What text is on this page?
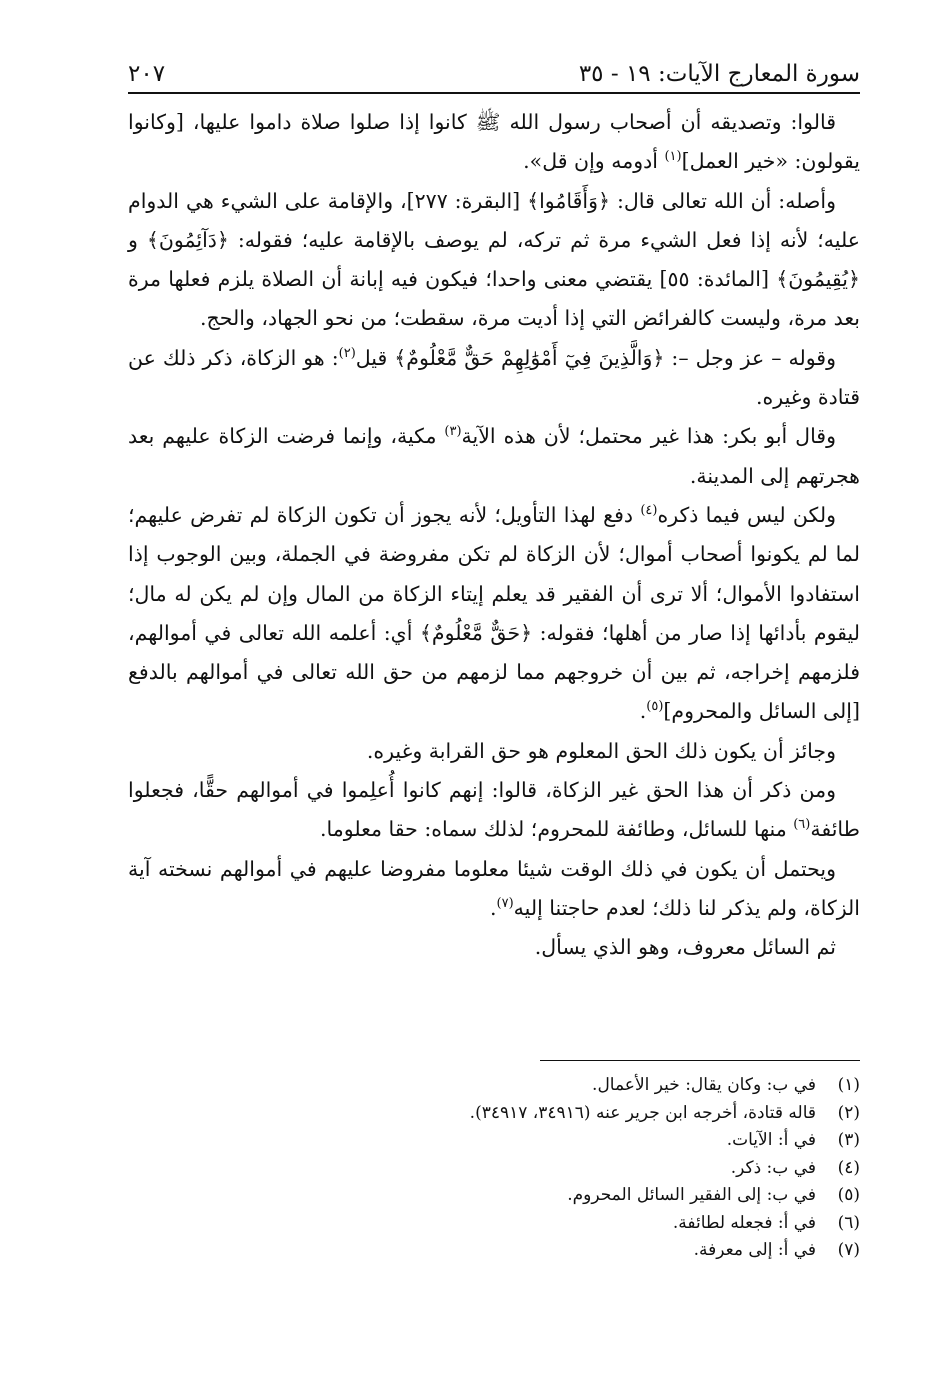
سورة المعارج الآيات: ١٩ - ٣٥
٢٠٧

قالوا: وتصديقه أن أصحاب رسول الله ﷺ كانوا إذا صلوا صلاة داموا عليها، [وكانوا يقولون: «خير العمل]$^{(١)}$ أدومه وإن قل».

وأصله: أن الله تعالى قال: ﴿وَأَقَامُوا﴾ [البقرة: ٢٧٧]، والإقامة على الشيء هي الدوام عليه؛ لأنه إذا فعل الشيء مرة ثم تركه، لم يوصف بالإقامة عليه؛ فقوله: ﴿دَآئِمُونَ﴾ و ﴿يُقِيمُونَ﴾ [المائدة: ٥٥] يقتضي معنى واحدا؛ فيكون فيه إبانة أن الصلاة يلزم فعلها مرة بعد مرة، وليست كالفرائض التي إذا أديت مرة، سقطت؛ من نحو الجهاد، والحج.

وقوله – عز وجل –: ﴿وَالَّذِينَ فِيٓ أَمْوَٰلِهِمْ حَقٌّ مَّعْلُومٌ﴾ قيل$^{(٢)}$: هو الزكاة، ذكر ذلك عن قتادة وغيره.

وقال أبو بكر: هذا غير محتمل؛ لأن هذه الآية$^{(٣)}$ مكية، وإنما فرضت الزكاة عليهم بعد هجرتهم إلى المدينة.

ولكن ليس فيما ذكره$^{(٤)}$ دفع لهذا التأويل؛ لأنه يجوز أن تكون الزكاة لم تفرض عليهم؛ لما لم يكونوا أصحاب أموال؛ لأن الزكاة لم تكن مفروضة في الجملة، وبين الوجوب إذا استفادوا الأموال؛ ألا ترى أن الفقير قد يعلم إيتاء الزكاة من المال وإن لم يكن له مال؛ ليقوم بأدائها إذا صار من أهلها؛ فقوله: ﴿حَقٌّ مَّعْلُومٌ﴾ أي: أعلمه الله تعالى في أموالهم، فلزمهم إخراجه، ثم بين أن خروجهم مما لزمهم من حق الله تعالى في أموالهم بالدفع [إلى السائل والمحروم]$^{(٥)}$.

وجائز أن يكون ذلك الحق المعلوم هو حق القرابة وغيره.

ومن ذكر أن هذا الحق غير الزكاة، قالوا: إنهم كانوا أُعلِموا في أموالهم حقًّا، فجعلوا طائفة$^{(٦)}$ منها للسائل، وطائفة للمحروم؛ لذلك سماه: حقا معلوما.

ويحتمل أن يكون في ذلك الوقت شيئا معلوما مفروضا عليهم في أموالهم نسخته آية الزكاة، ولم يذكر لنا ذلك؛ لعدم حاجتنا إليه$^{(٧)}$.

ثم السائل معروف، وهو الذي يسأل.

(١)
في ب: وكان يقال: خير الأعمال.
(٢)
قاله قتادة، أخرجه ابن جرير عنه (٣٤٩١٦، ٣٤٩١٧).
(٣)
في أ: الآيات.
(٤)
في ب: ذكر.
(٥)
في ب: إلى الفقير السائل المحروم.
(٦)
في أ: فجعله لطائفة.
(٧)
في أ: إلى معرفة.
